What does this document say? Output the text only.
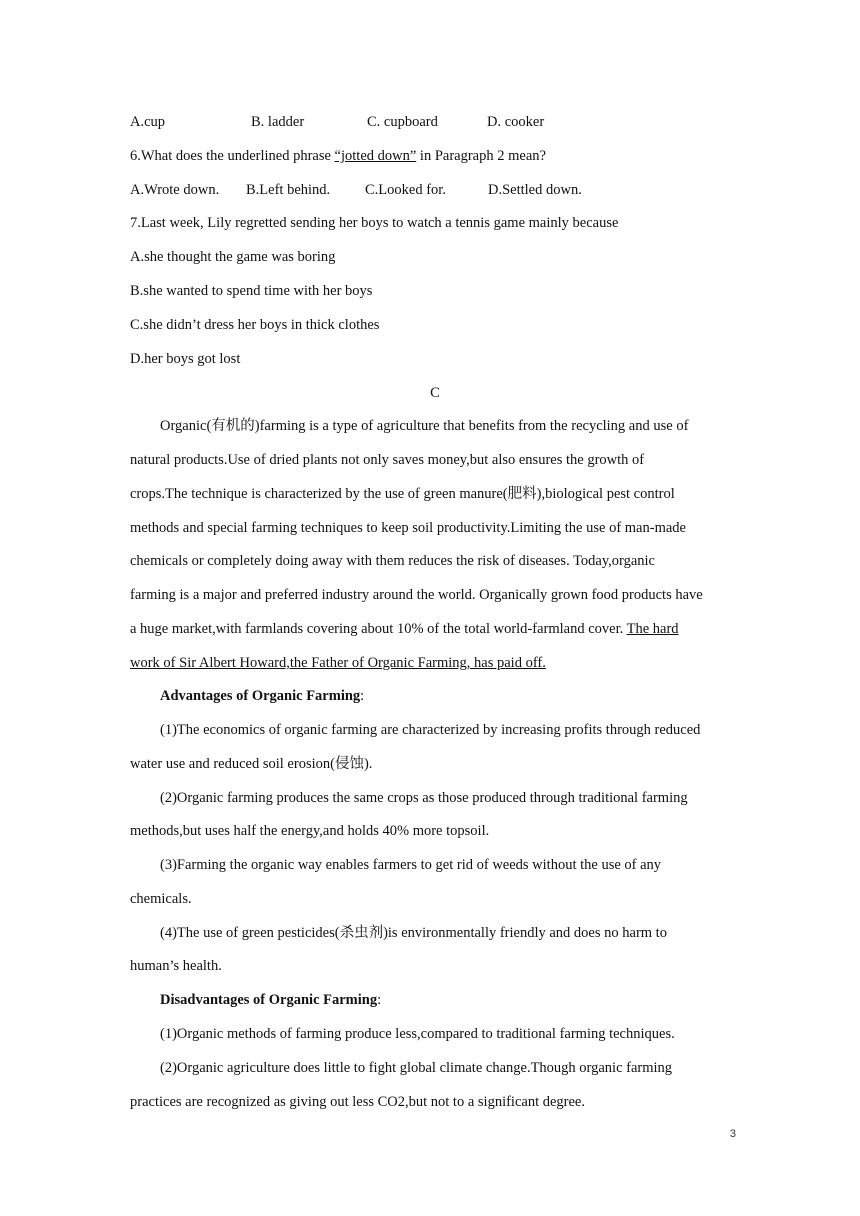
A.cup	B. ladder	C. cupboard	D. cooker
6.What does the underlined phrase “jotted down” in Paragraph 2 mean?
A.Wrote down. B.Left behind. C.Looked for.	D.Settled down.
7.Last week, Lily regretted sending her boys to watch a tennis game mainly because
A.she thought the game was boring
B.she wanted to spend time with her boys
C.she didn’t dress her boys in thick clothes
D.her boys got lost
C
Organic(有机的)farming is a type of agriculture that benefits from the recycling and use of
natural products.Use of dried plants not only saves money,but also ensures the growth of
crops.The technique is characterized by the use of green manure(肥料),biological pest control
methods and special farming techniques to keep soil productivity.Limiting the use of man-made
chemicals or completely doing away with them reduces the risk of diseases. Today,organic
farming is a major and preferred industry around the world. Organically grown food products have
a huge market,with farmlands covering about 10% of the total world-farmland cover. The hard
work of Sir Albert Howard,the Father of Organic Farming, has paid off.
Advantages of Organic Farming:
(1)The economics of organic farming are characterized by increasing profits through reduced
water use and reduced soil erosion(侵蚀).
(2)Organic farming produces the same crops as those produced through traditional farming
methods,but uses half the energy,and holds 40% more topsoil.
(3)Farming the organic way enables farmers to get rid of weeds without the use of any
chemicals.
(4)The use of green pesticides(杀虫剂)is environmentally friendly and does no harm to
human’s health.
Disadvantages of Organic Farming:
(1)Organic methods of farming produce less,compared to traditional farming techniques.
(2)Organic agriculture does little to fight global climate change.Though organic farming
practices are recognized as giving out less CO2,but not to a significant degree.
3
